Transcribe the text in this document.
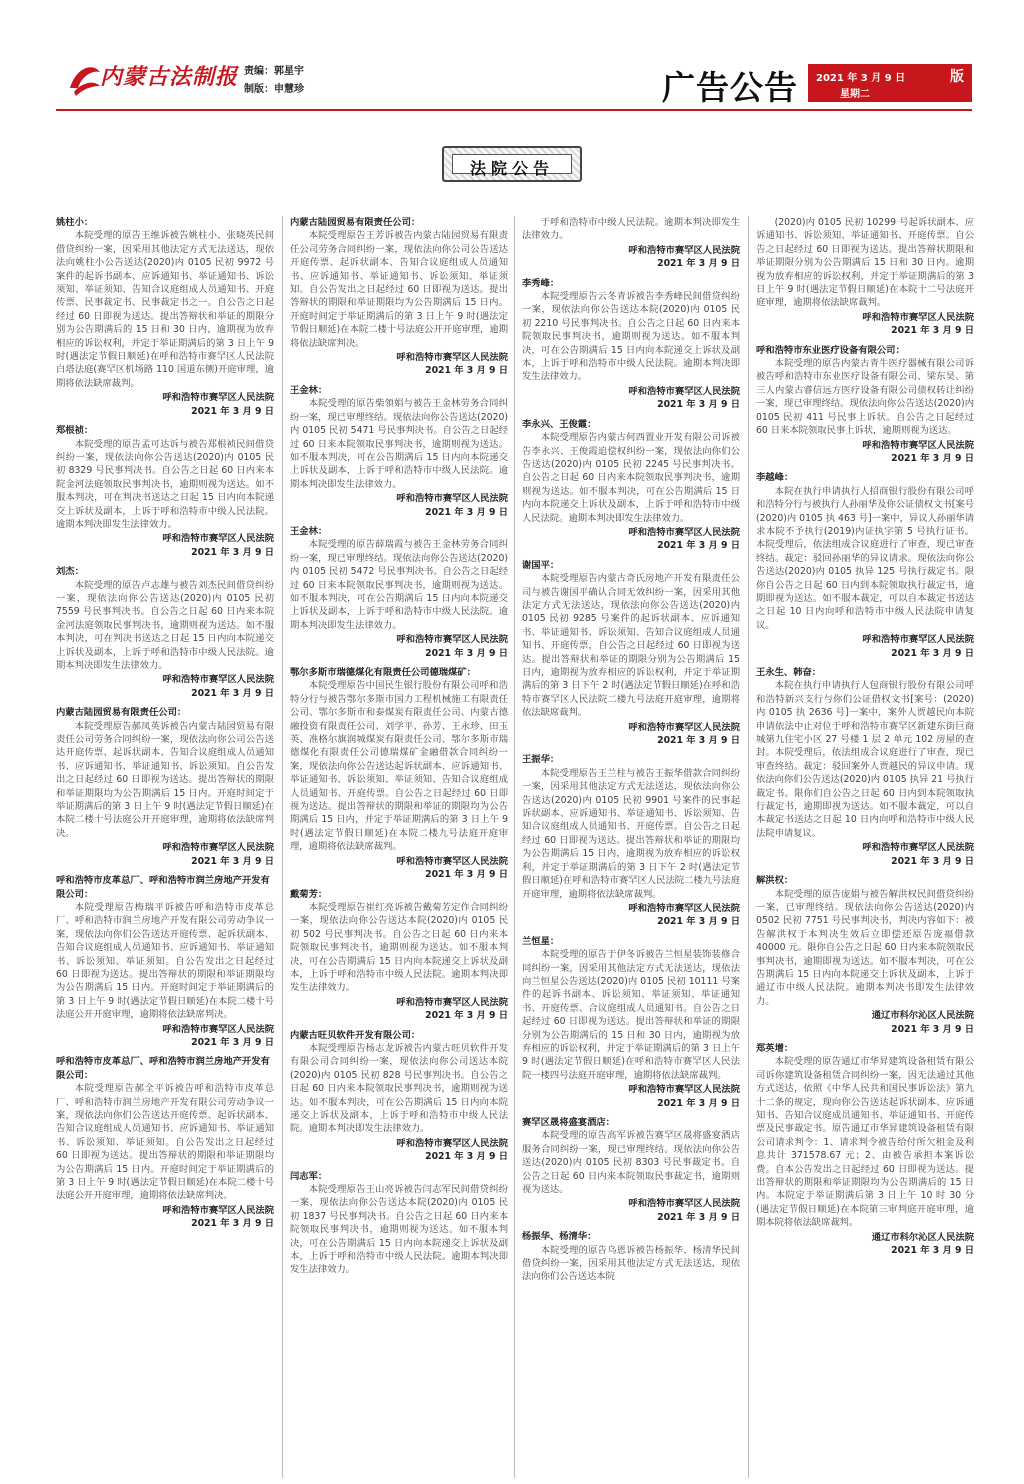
内蒙古法制报 责编：郭星宇
制版：申慧珍	广告公告 2021 年 3 月 9 日
星期二 13 版
法院公告

姚柱小：

本院受理的原告王维诉被告姚柱小、张晓英民间借贷纠纷一案，因采用其他法定方式无法送达，现依法向姚柱小公告送达(2020)内 0105 民初 9972 号案件的起诉书副本、应诉通知书、举证通知书、诉讼须知、举证须知、告知合议庭组成人员通知书、开庭传票、民事裁定书、民事裁定书之一。自公告之日起经过 60 日即视为送达。提出答辩状和举证的期限分别为公告期满后的 15 日和 30 日内，逾期视为放弃相应的诉讼权利，并定于举证期满后的第 3 日上午 9 时(遇法定节假日顺延)在呼和浩特市赛罕区人民法院白塔法庭(赛罕区机场路 110 国道东侧)开庭审理，逾期将依法缺席裁判。

呼和浩特市赛罕区人民法院

2021 年 3 月 9 日

郑根祯：

本院受理的原告孟可达诉与被告郑根祯民间借贷纠纷一案，现依法向你公告送达(2020)内 0105 民初 8329 号民事判决书。自公告之日起 60 日内来本院金河法庭领取民事判决书，逾期则视为送达。如不服本判决，可在判决书送达之日起 15 日内向本院递交上诉状及副本，上诉于呼和浩特市中级人民法院。逾期本判决即发生法律效力。

呼和浩特市赛罕区人民法院

2021 年 3 月 9 日

刘杰：

本院受理的原告卢志雄与被告刘杰民间借贷纠纷一案，现依法向你公告送达(2020)内 0105 民初 7559 号民事判决书。自公告之日起 60 日内来本院金河法庭领取民事判决书，逾期则视为送达。如不服本判决，可在判决书送达之日起 15 日内向本院递交上诉状及副本，上诉于呼和浩特市中级人民法院。逾期本判决即发生法律效力。

呼和浩特市赛罕区人民法院

2021 年 3 月 9 日

内蒙古陆园贸易有限责任公司：

本院受理原告郝凤英诉被告内蒙古陆园贸易有限责任公司劳务合同纠纷一案，现依法向你公司公告送达开庭传票、起诉状副本、告知合议庭组成人员通知书、应诉通知书、举证通知书、诉讼须知。自公告发出之日起经过 60 日即视为送达。提出答辩状的期限和举证期限均为公告期满后 15 日内。开庭时间定于举证期满后的第 3 日上午 9 时(遇法定节假日顺延)在本院二楼十号法庭公开开庭审理，逾期将依法缺席判决。

呼和浩特市赛罕区人民法院

2021 年 3 月 9 日

呼和浩特市皮革总厂、呼和浩特市润兰房地产开发有限公司：

本院受理原告梅瑞平诉被告呼和浩特市皮革总厂、呼和浩特市润兰房地产开发有限公司劳动争议一案，现依法向你们公告送达开庭传票、起诉状副本、告知合议庭组成人员通知书、应诉通知书、举证通知书、诉讼须知、举证须知。自公告发出之日起经过 60 日即视为送达。提出答辩状的期限和举证期限均为公告期满后 15 日内。开庭时间定于举证期满后的第 3 日上午 9 时(遇法定节假日顺延)在本院二楼十号法庭公开开庭审理，逾期将依法缺席判决。

呼和浩特市赛罕区人民法院

2021 年 3 月 9 日

呼和浩特市皮革总厂、呼和浩特市润兰房地产开发有限公司：

本院受理原告郝全平诉被告呼和浩特市皮革总厂、呼和浩特市润兰房地产开发有限公司劳动争议一案，现依法向你们公告送达开庭传票、起诉状副本、告知合议庭组成人员通知书、应诉通知书、举证通知书、诉讼须知、举证须知。自公告发出之日起经过 60 日即视为送达。提出答辩状的期限和举证期限均为公告期满后 15 日内。开庭时间定于举证期满后的第 3 日上午 9 时(遇法定节假日顺延)在本院二楼十号法庭公开开庭审理，逾期将依法缺席判决。

呼和浩特市赛罕区人民法院

2021 年 3 月 9 日

内蒙古陆园贸易有限责任公司：

本院受理原告王芳诉被告内蒙古陆园贸易有限责任公司劳务合同纠纷一案，现依法向你公司公告送达开庭传票、起诉状副本、告知合议庭组成人员通知书、应诉通知书、举证通知书、诉讼须知、举证须知。自公告发出之日起经过 60 日即视为送达。提出答辩状的期限和举证期限均为公告期满后 15 日内。开庭时间定于举证期满后的第 3 日上午 9 时(遇法定节假日顺延)在本院二楼十号法庭公开开庭审理，逾期将依法缺席判决。

呼和浩特市赛罕区人民法院

2021 年 3 月 9 日

王金林：

本院受理的原告柴領娟与被告王金林劳务合同纠纷一案，现已审理终结。现依法向你公告送达(2020)内 0105 民初 5471 号民事判决书。自公告之日起经过 60 日来本院领取民事判决书，逾期则视为送达。如不服本判决，可在公告期满后 15 日内向本院递交上诉状及副本，上诉于呼和浩特市中级人民法院。逾期本判决即发生法律效力。

呼和浩特市赛罕区人民法院

2021 年 3 月 9 日

王金林：

本院受理的原告薛瑞霞与被告王金林劳务合同纠纷一案，现已审理终结。现依法向你公告送达(2020)内 0105 民初 5472 号民事判决书。自公告之日起经过 60 日来本院领取民事判决书，逾期则视为送达。如不服本判决，可在公告期满后 15 日内向本院递交上诉状及副本，上诉于呼和浩特市中级人民法院。逾期本判决即发生法律效力。

呼和浩特市赛罕区人民法院

2021 年 3 月 9 日

鄂尔多斯市瑞德煤化有限责任公司德瑞煤矿：

本院受理原告中国民生银行股份有限公司呼和浩特分行与被告鄂尔多斯市国力工程机械施工有限责任公司、鄂尔多斯市和泰煤炭有限责任公司、内蒙古德融投资有限责任公司、刘学平、孙芳、王永珍、田玉英、准格尔旗润城煤炭有限责任公司、鄂尔多斯市瑞德煤化有限责任公司德瑞煤矿金融借款合同纠纷一案，现依法向你公告送达起诉状副本、应诉通知书、举证通知书、诉讼须知、举证须知、告知合议庭组成人员通知书、开庭传票。自公告之日起经过 60 日即视为送达。提出答辩状的期限和举证的期限均为公告期满后 15 日内，并定于举证期满后的第 3 日上午 9 时(遇法定节假日顺延)在本院二楼九号法庭开庭审理，逾期将依法缺席裁判。

呼和浩特市赛罕区人民法院

2021 年 3 月 9 日

戴菊芳：

本院受理原告崔红亮诉被告戴菊芳定作合同纠纷一案，现依法向你公告送达本院(2020)内 0105 民初 502 号民事判决书。自公告之日起 60 日内来本院领取民事判决书，逾期则视为送达。如不服本判决，可在公告期满后 15 日内向本院递交上诉状及副本，上诉于呼和浩特市中级人民法院。逾期本判决即发生法律效力。

呼和浩特市赛罕区人民法院

2021 年 3 月 9 日

内蒙古旺贝软件开发有限公司：

本院受理原告杨志龙诉被告内蒙古旺贝软件开发有限公司合同纠纷一案，现依法向你公司送达本院(2020)内 0105 民初 828 号民事判决书。自公告之日起 60 日内来本院领取民事判决书，逾期则视为送达。如不服本判决，可在公告期满后 15 日内向本院递交上诉状及副本，上诉于呼和浩特市中级人民法院。逾期本判决即发生法律效力。

呼和浩特市赛罕区人民法院

2021 年 3 月 9 日

闫志军：

本院受理原告王山亮诉被告闫志军民间借贷纠纷一案，现依法向你公告送达本院(2020)内 0105 民初 1837 号民事判决书。自公告之日起 60 日内来本院领取民事判决书，逾期则视为送达。如不服本判决，可在公告期满后 15 日内向本院递交上诉状及副本，上诉于呼和浩特市中级人民法院。逾期本判决即发生法律效力。

于呼和浩特市中级人民法院。逾期本判决即发生法律效力。

呼和浩特市赛罕区人民法院

2021 年 3 月 9 日

李秀峰：

本院受理原告云冬青诉被告李秀峰民间借贷纠纷一案，现依法向你公告送达本院(2020)内 0105 民初 2210 号民事判决书。自公告之日起 60 日内来本院领取民事判决书，逾期则视为送达。如不服本判决，可在公告期满后 15 日内向本院递交上诉状及副本，上诉于呼和浩特市中级人民法院。逾期本判决即发生法律效力。

呼和浩特市赛罕区人民法院

2021 年 3 月 9 日

李永兴、王俊霞：

本院受理原告内蒙古何西置业开发有限公司诉被告李永兴、王俊霞追偿权纠纷一案，现依法向你们公告送达(2020)内 0105 民初 2245 号民事判决书。自公告之日起 60 日内来本院领取民事判决书，逾期则视为送达。如不服本判决，可在公告期满后 15 日内向本院递交上诉状及副本，上诉于呼和浩特市中级人民法院。逾期本判决即发生法律效力。

呼和浩特市赛罕区人民法院

2021 年 3 月 9 日

谢国平：

本院受理原告内蒙古奇氏房地产开发有限责任公司与被告谢国平确认合同无效纠纷一案，因采用其他法定方式无法送达，现依法向你公告送达(2020)内 0105 民初 9285 号案件的起诉状副本、应诉通知书、举证通知书、诉讼须知、告知合议庭组成人员通知书、开庭传票，自公告之日起经过 60 日即视为送达。提出答辩状和举证的期限分别为公告期满后 15 日内，逾期视为放弃相应的诉讼权利，并定于举证期满后的第 3 日下午 2 时(遇法定节假日顺延)在呼和浩特市赛罕区人民法院二楼九号法庭开庭审理，逾期将依法缺席裁判。

呼和浩特市赛罕区人民法院

2021 年 3 月 9 日

王振华：

本院受理原告王兰柱与被告王振华借款合同纠纷一案，因采用其他法定方式无法送达，现依法向你公告送达(2020)内 0105 民初 9901 号案件的民事起诉状副本、应诉通知书、举证通知书、诉讼须知、告知合议庭组成人员通知书、开庭传票。自公告之日起经过 60 日即视为送达。提出答辩状和举证的期限均为公告期满后 15 日内，逾期视为放弃相应的诉讼权利，并定于举证期满后的第 3 日下午 2 时(遇法定节假日顺延)在呼和浩特市赛罕区人民法院二楼九号法庭开庭审理，逾期将依法缺席裁判。

呼和浩特市赛罕区人民法院

2021 年 3 月 9 日

兰恒星：

本院受理的原告于伊冬诉被告兰恒星装饰装修合同纠纷一案，因采用其他法定方式无法送达，现依法向兰恒星公告送达(2020)内 0105 民初 10111 号案件的起诉书副本、诉讼须知、举证须知、举证通知书、开庭传票、合议庭组成人员通知书。自公告之日起经过 60 日即视为送达。提出答辩状和举证的期限分别为公告期满后的 15 日和 30 日内，逾期视为放弃相应的诉讼权利，并定于举证期满后的第 3 日上午 9 时(遇法定节假日顺延)在呼和浩特市赛罕区人民法院一楼四号法庭开庭审理，逾期将依法缺席裁判。

呼和浩特市赛罕区人民法院

2021 年 3 月 9 日

赛罕区晟将盛宴酒店：

本院受理的原告高军诉被告赛罕区晟将盛宴酒店服务合同纠纷一案，现已审理终结。现依法向你公告送达(2020)内 0105 民初 8303 号民事裁定书。自公告之日起 60 日内来本院领取民事裁定书，逾期则视为送达。

呼和浩特市赛罕区人民法院

2021 年 3 月 9 日

杨振华、杨清华：

本院受理的原告乌恩诉被告杨振华、杨清华民间借贷纠纷一案，因采用其他法定方式无法送达，现依法向你们公告送达本院

(2020)内 0105 民初 10299 号起诉状副本、应诉通知书、诉讼须知、举证通知书、开庭传票。自公告之日起经过 60 日即视为送达。提出答辩状期限和举证期限分别为公告期满后 15 日和 30 日内。逾期视为放弃相应的诉讼权利，并定于举证期满后的第 3 日上午 9 时(遇法定节假日顺延)在本院十二号法庭开庭审理，逾期将依法缺席裁判。

呼和浩特市赛罕区人民法院

2021 年 3 月 9 日

呼和浩特市东业医疗设备有限公司：

本院受理的原告内蒙古青牛医疗器械有限公司诉被告呼和浩特市东业医疗设备有限公司、梁东昊、第三人内蒙古睿信远方医疗设备有限公司债权转让纠纷一案，现已审理终结。现依法向你公告送达(2020)内 0105 民初 411 号民事上诉状。自公告之日起经过 60 日来本院领取民事上诉状，逾期则视为送达。

呼和浩特市赛罕区人民法院

2021 年 3 月 9 日

李越峰：

本院在执行申请执行人招商银行股份有限公司呼和浩特分行与被执行人孙丽华及你公证债权文书[案号(2020)内 0105 执 463 号]一案中，异议人孙丽华请求本院不予执行(2019)内证执字第 5 号执行证书。本院受理后，依法组成合议庭进行了审查，现已审查终结。裁定：驳回孙丽华的异议请求。现依法向你公告送达(2020)内 0105 执异 125 号执行裁定书。限你自公告之日起 60 日内到本院领取执行裁定书，逾期即视为送达。如不服本裁定，可以自本裁定书送达之日起 10 日内向呼和浩特市中级人民法院申请复议。

呼和浩特市赛罕区人民法院

2021 年 3 月 9 日

王永生、韩奋：

本院在执行申请执行人包商银行股份有限公司呼和浩特新兴支行与你们公证借权文书[案号：(2020)内 0105 执 2636 号]一案中，案外人贾越民向本院申请依法中止对位于呼和浩特市赛罕区新建东街巨商城第九住宅小区 27 号楼 1 层 2 单元 102 房屋的查封。本院受理后，依法组成合议庭进行了审查，现已审查终结。裁定：驳回案外人贾越民的异议申请。现依法向你们公告送达(2020)内 0105 执异 21 号执行裁定书。限你们自公告之日起 60 日内到本院领取执行裁定书，逾期即视为送达。如不服本裁定，可以自本裁定书送达之日起 10 日内向呼和浩特市中级人民法院申请复议。

呼和浩特市赛罕区人民法院

2021 年 3 月 9 日

解洪权：

本院受理的原告庞娟与被告解洪权民间借贷纠纷一案，已审理终结。现依法向你公告送达(2020)内 0502 民初 7751 号民事判决书，判决内容如下：被告解洪权于本判决生效后立即偿还原告庞福借款 40000 元。限你自公告之日起 60 日内来本院领取民事判决书，逾期即视为送达。如不服本判决，可在公告期满后 15 日内向本院递交上诉状及副本，上诉于通辽市中级人民法院。逾期本判决书即发生法律效力。

通辽市科尔沁区人民法院

2021 年 3 月 9 日

郑英增：

本院受理的原告通辽市华昇建筑设备租赁有限公司诉你建筑设备租赁合同纠纷一案，因无法通过其他方式送达，依照《中华人民共和国民事诉讼法》第九十二条的规定，现向你公告送达起诉状副本、应诉通知书、告知合议庭成员通知书、举证通知书、开庭传票及民事裁定书。原告通辽市华昇建筑设备租赁有限公司请求判令：1、请求判令被告给付所欠租金及利息共计 371578.67 元；2、由被告承担本案诉讼费。自本公告发出之日起经过 60 日即视为送达。提出答辩状的期限和举证期限均为公告期满后的 15 日内。本院定于举证期满后第 3 日上午 10 时 30 分(遇法定节假日顺延)在本院第三审判庭开庭审理，逾期本院将依法缺席裁判。

通辽市科尔沁区人民法院

2021 年 3 月 9 日
